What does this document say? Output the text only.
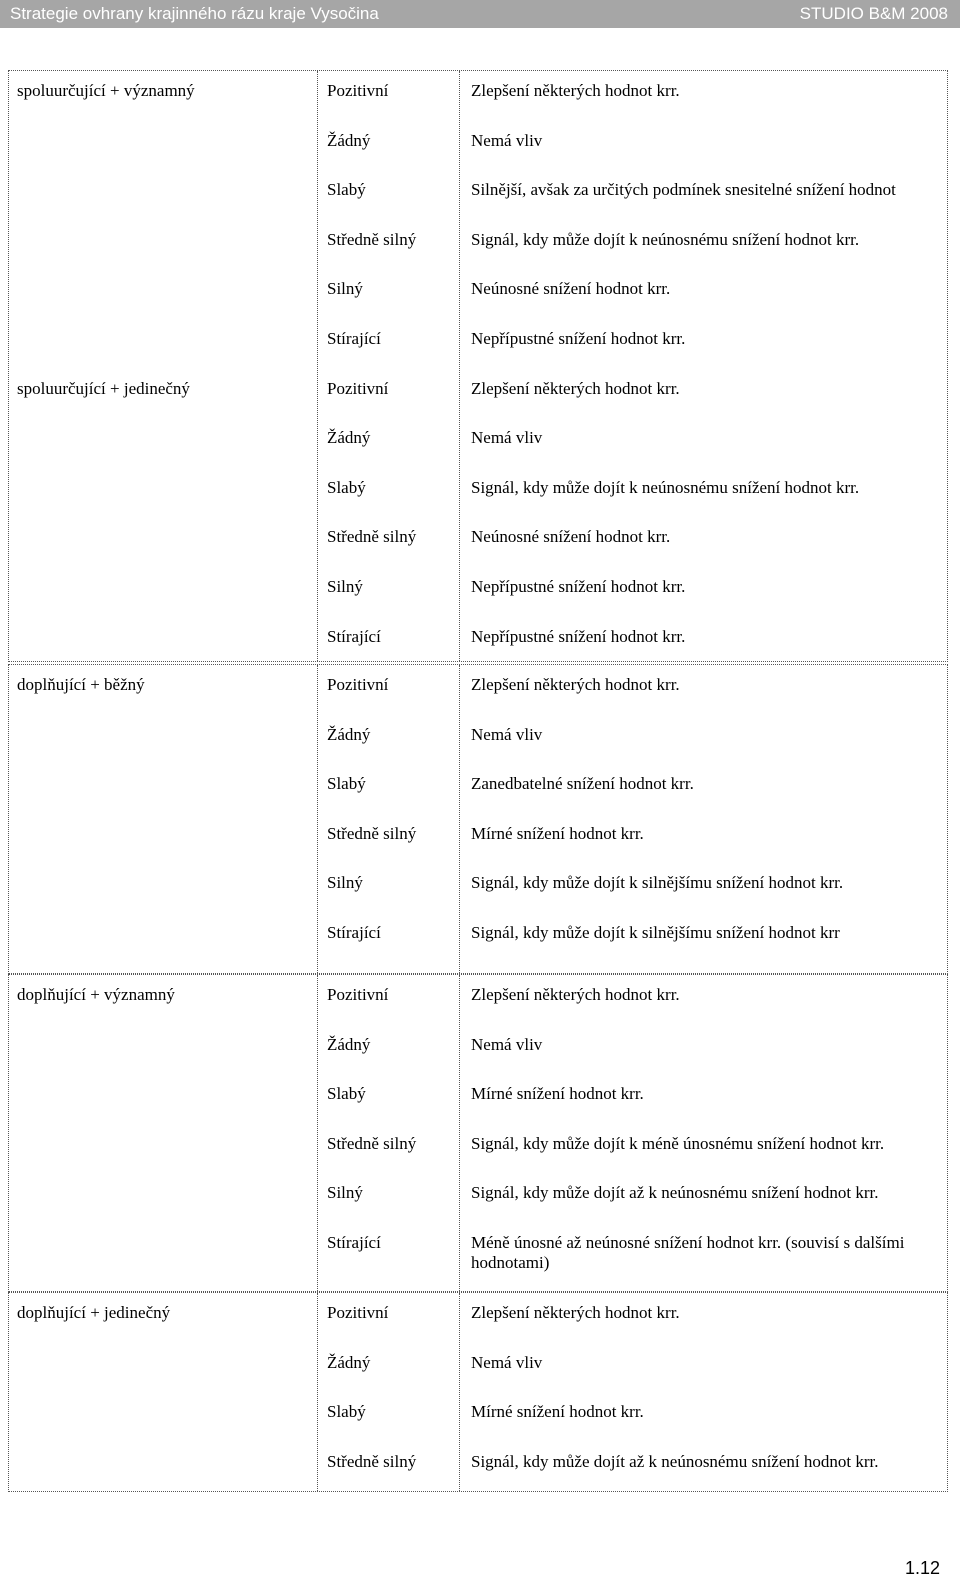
Strategie ovhrany krajinného rázu kraje Vysočina	STUDIO B&M 2008
spoluurčující + významný	Pozitivní	Zlepšení některých hodnot krr.
Žádný	Nemá vliv
Slabý	Silnější, avšak za určitých podmínek snesitelné snížení hodnot
Středně silný	Signál, kdy může dojít k neúnosnému snížení hodnot krr.
Silný	Neúnosné snížení hodnot krr.
Stírající	Nepřípustné snížení hodnot krr.
spoluurčující + jedinečný	Pozitivní	Zlepšení některých hodnot krr.
Žádný	Nemá vliv
Slabý	Signál, kdy může dojít k neúnosnému snížení hodnot krr.
Středně silný	Neúnosné snížení hodnot krr.
Silný	Nepřípustné snížení hodnot krr.
Stírající	Nepřípustné snížení hodnot krr.
doplňující + běžný	Pozitivní	Zlepšení některých hodnot krr.
Žádný	Nemá vliv
Slabý	Zanedbatelné snížení hodnot krr.
Středně silný	Mírné snížení hodnot krr.
Silný	Signál, kdy může dojít k silnějšímu snížení hodnot krr.
Stírající	Signál, kdy může dojít k silnějšímu snížení hodnot krr
doplňující + významný	Pozitivní	Zlepšení některých hodnot krr.
Žádný	Nemá vliv
Slabý	Mírné snížení hodnot krr.
Středně silný	Signál, kdy může dojít k méně únosnému snížení hodnot krr.
Silný	Signál, kdy může dojít až k neúnosnému snížení hodnot krr.
Stírající	Méně únosné až neúnosné snížení hodnot krr. (souvisí s dalšími hodnotami)
doplňující + jedinečný	Pozitivní	Zlepšení některých hodnot krr.
Žádný	Nemá vliv
Slabý	Mírné snížení hodnot krr.
Středně silný	Signál, kdy může dojít až k neúnosnému snížení hodnot krr.
1.12
